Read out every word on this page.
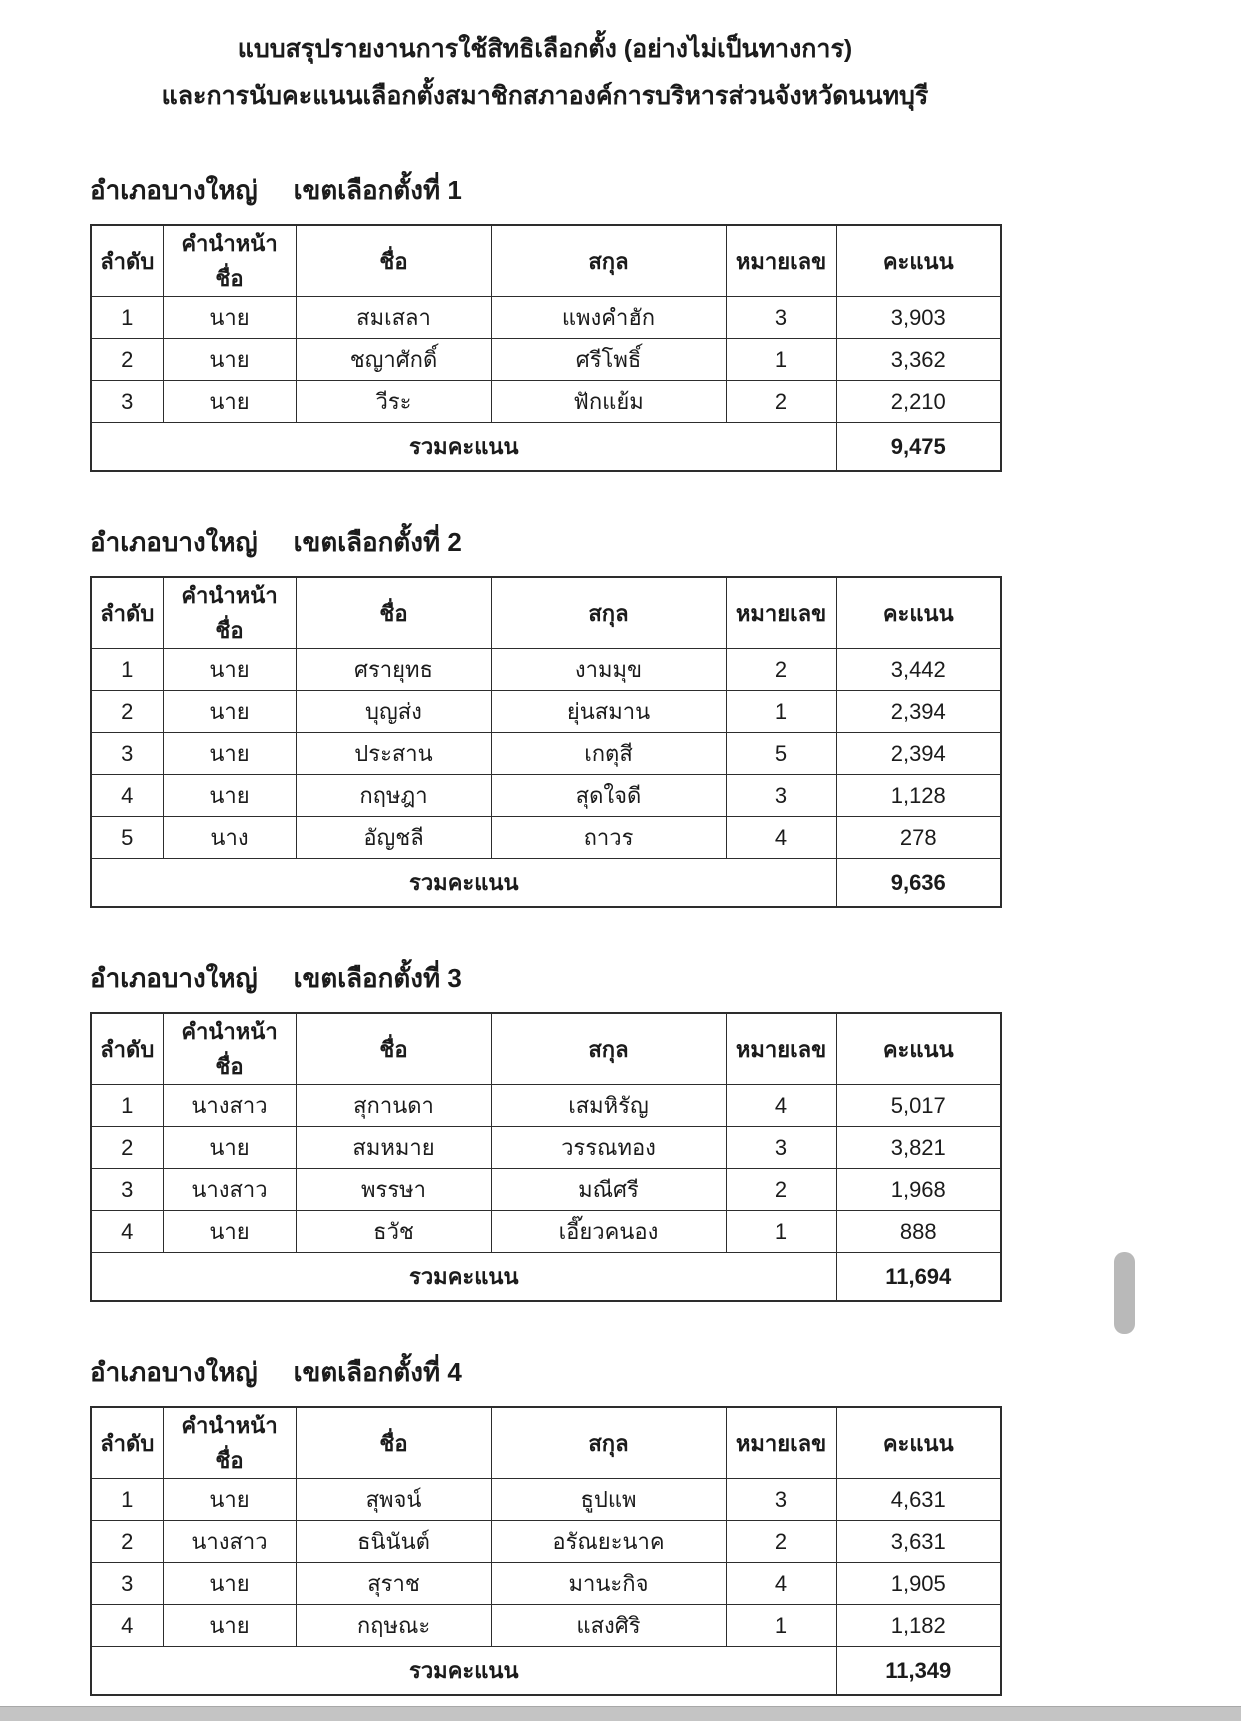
แบบสรุปรายงานการใช้สิทธิเลือกตั้ง (อย่างไม่เป็นทางการ)
และการนับคะแนนเลือกตั้งสมาชิกสภาองค์การบริหารส่วนจังหวัดนนทบุรี
อำเภอบางใหญ่ เขตเลือกตั้งที่ 1
ลำดับ	คำนำหน้าชื่อ	ชื่อ	สกุล	หมายเลข	คะแนน
1	นาย	สมเสลา	แพงคำฮัก	3	3,903
2	นาย	ชญาศักดิ์	ศรีโพธิ์	1	3,362
3	นาย	วีระ	ฟักแย้ม	2	2,210
รวมคะแนน					9,475
อำเภอบางใหญ่ เขตเลือกตั้งที่ 2
ลำดับ	คำนำหน้าชื่อ	ชื่อ	สกุล	หมายเลข	คะแนน
1	นาย	ศรายุทธ	งามมุข	2	3,442
2	นาย	บุญส่ง	ยุ่นสมาน	1	2,394
3	นาย	ประสาน	เกตุสี	5	2,394
4	นาย	กฤษฎา	สุดใจดี	3	1,128
5	นาง	อัญชลี	ถาวร	4	278
รวมคะแนน					9,636
อำเภอบางใหญ่ เขตเลือกตั้งที่ 3
ลำดับ	คำนำหน้าชื่อ	ชื่อ	สกุล	หมายเลข	คะแนน
1	นางสาว	สุกานดา	เสมหิรัญ	4	5,017
2	นาย	สมหมาย	วรรณทอง	3	3,821
3	นางสาว	พรรษา	มณีศรี	2	1,968
4	นาย	ธวัช	เอี๊ยวคนอง	1	888
รวมคะแนน					11,694
อำเภอบางใหญ่ เขตเลือกตั้งที่ 4
ลำดับ	คำนำหน้าชื่อ	ชื่อ	สกุล	หมายเลข	คะแนน
1	นาย	สุพจน์	ธูปแพ	3	4,631
2	นางสาว	ธนินันต์	อรัณยะนาค	2	3,631
3	นาย	สุราช	มานะกิจ	4	1,905
4	นาย	กฤษณะ	แสงศิริ	1	1,182
รวมคะแนน					11,349
